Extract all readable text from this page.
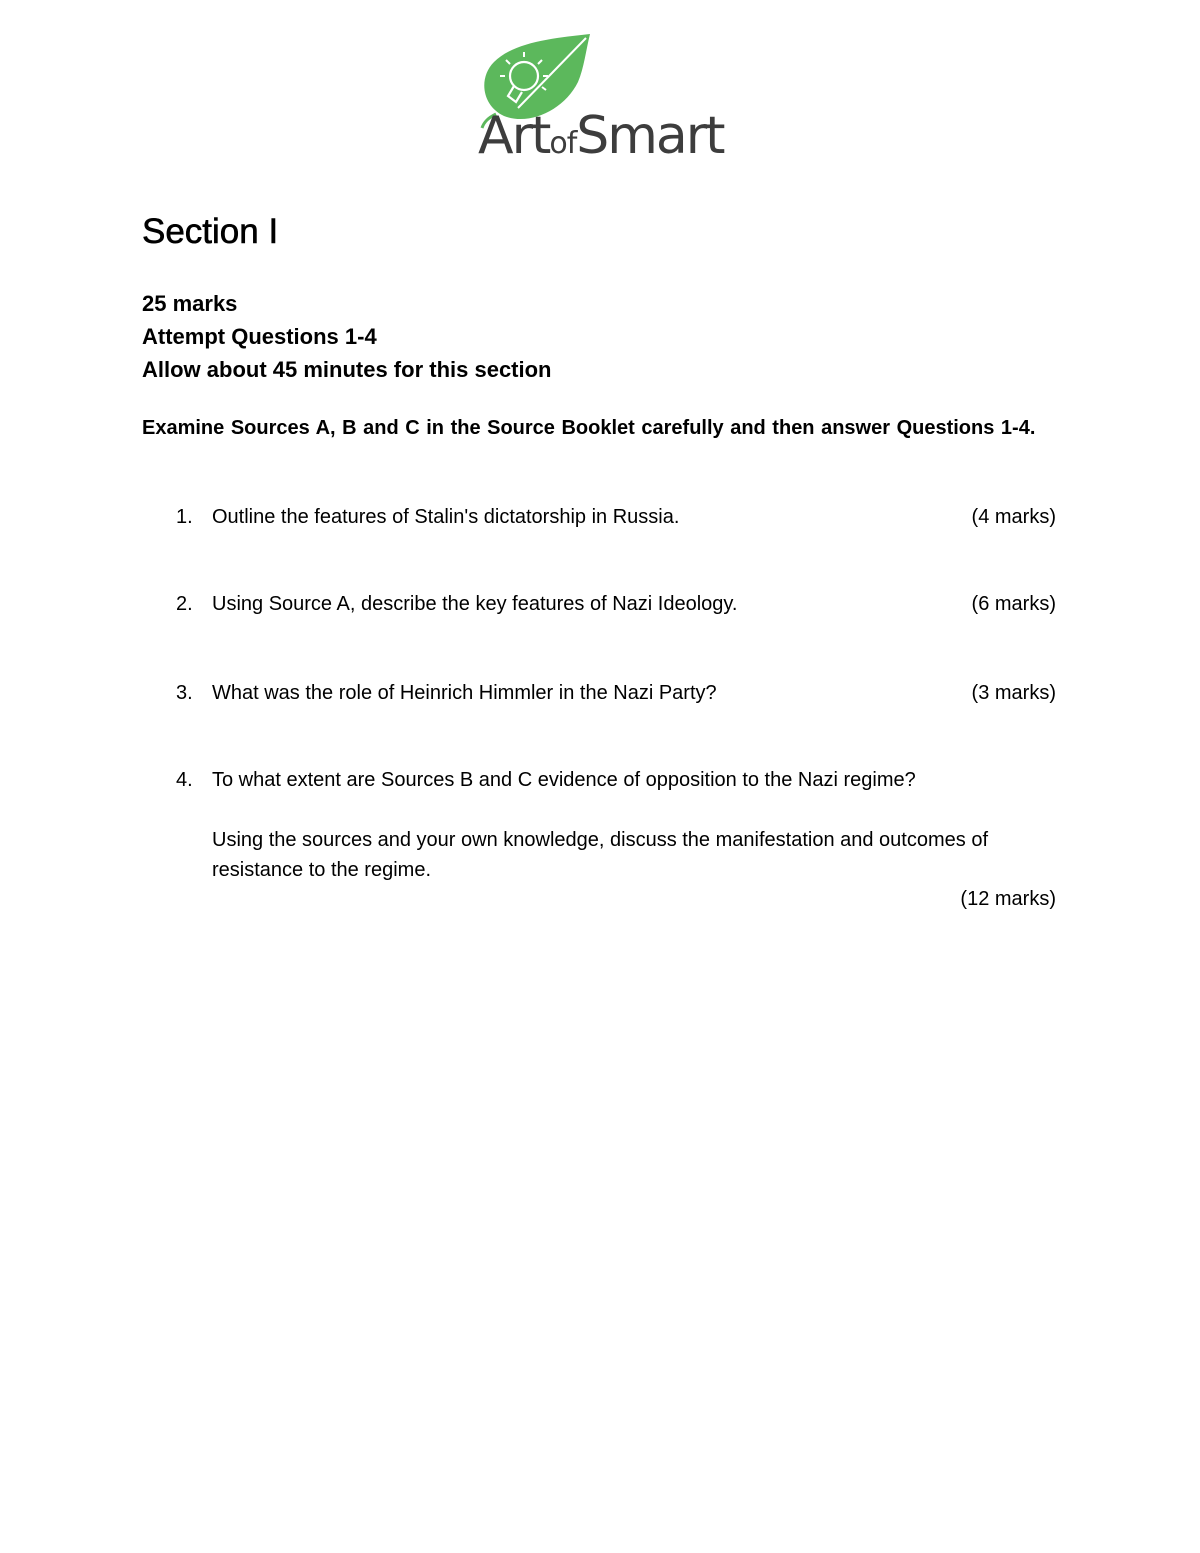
ArtofSmart
Section I
25 marks
Attempt Questions 1-4
Allow about 45 minutes for this section
Examine Sources A, B and C in the Source Booklet carefully and then answer Questions 1-4.
1. Outline the features of Stalin's dictatorship in Russia.	(4 marks)
2. Using Source A, describe the key features of Nazi Ideology.	(6 marks)
3. What was the role of Heinrich Himmler in the Nazi Party?	(3 marks)
4. To what extent are Sources B and C evidence of opposition to the Nazi regime?
Using the sources and your own knowledge, discuss the manifestation and outcomes of resistance to the regime.
(12 marks)
